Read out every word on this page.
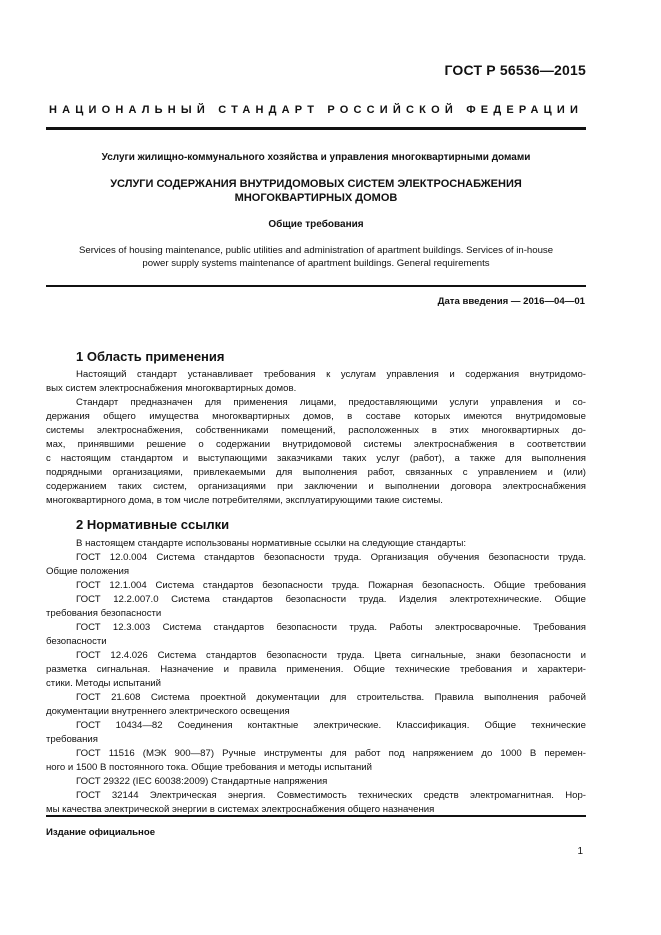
ГОСТ Р 56536—2015
НАЦИОНАЛЬНЫЙ СТАНДАРТ РОССИЙСКОЙ ФЕДЕРАЦИИ
Услуги жилищно-коммунального хозяйства и управления многоквартирными домами
УСЛУГИ СОДЕРЖАНИЯ ВНУТРИДОМОВЫХ СИСТЕМ ЭЛЕКТРОСНАБЖЕНИЯ
МНОГОКВАРТИРНЫХ ДОМОВ
Общие требования
Services of housing maintenance, public utilities and administration of apartment buildings. Services of in-house
power supply systems maintenance of apartment buildings. General requirements
Дата введения — 2016—04—01
1 Область применения
Настоящий стандарт устанавливает требования к услугам управления и содержания внутридомо-
вых систем электроснабжения многоквартирных домов.
Стандарт предназначен для применения лицами, предоставляющими услуги управления и со-
держания общего имущества многоквартирных домов, в составе которых имеются внутридомовые
системы электроснабжения, собственниками помещений, расположенных в этих многоквартирных до-
мах, принявшими решение о содержании внутридомовой системы электроснабжения в соответствии
с настоящим стандартом и выступающими заказчиками таких услуг (работ), а также для выполнения
подрядными организациями, привлекаемыми для выполнения работ, связанных с управлением и (или)
содержанием таких систем, организациями при заключении и выполнении договора электроснабжения
многоквартирного дома, в том числе потребителями, эксплуатирующими такие системы.
2 Нормативные ссылки
В настоящем стандарте использованы нормативные ссылки на следующие стандарты:
ГОСТ 12.0.004 Система стандартов безопасности труда. Организация обучения безопасности труда.
Общие положения
ГОСТ 12.1.004 Система стандартов безопасности труда. Пожарная безопасность. Общие требования
ГОСТ 12.2.007.0 Система стандартов безопасности труда. Изделия электротехнические. Общие
требования безопасности
ГОСТ 12.3.003 Система стандартов безопасности труда. Работы электросварочные. Требования
безопасности
ГОСТ 12.4.026 Система стандартов безопасности труда. Цвета сигнальные, знаки безопасности и
разметка сигнальная. Назначение и правила применения. Общие технические требования и характери-
стики. Методы испытаний
ГОСТ 21.608 Система проектной документации для строительства. Правила выполнения рабочей
документации внутреннего электрического освещения
ГОСТ 10434—82 Соединения контактные электрические. Классификация. Общие технические
требования
ГОСТ 11516 (МЭК 900—87) Ручные инструменты для работ под напряжением до 1000 В перемен-
ного и 1500 В постоянного тока. Общие требования и методы испытаний
ГОСТ 29322 (IEC 60038:2009) Стандартные напряжения
ГОСТ 32144 Электрическая энергия. Совместимость технических средств электромагнитная. Нор-
мы качества электрической энергии в системах электроснабжения общего назначения
Издание официальное
1
